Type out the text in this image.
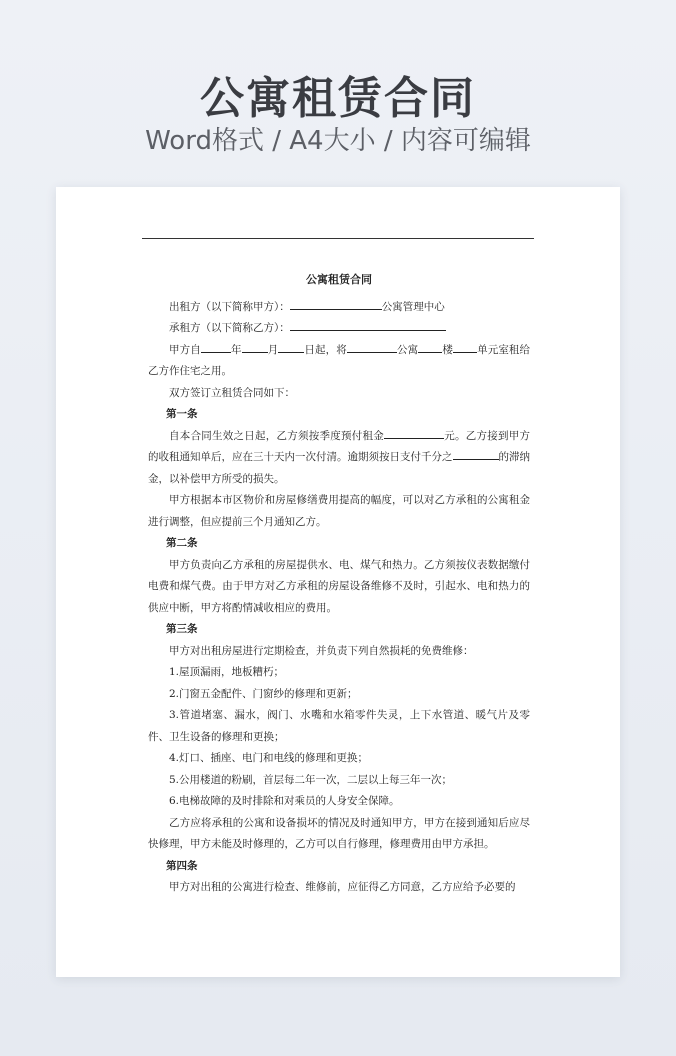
公寓租赁合同
Word格式 / A4大小 / 内容可编辑
公寓租赁合同

出租方（以下简称甲方）：	公寓管理中心

承租方（以下简称乙方）：

甲方自	年 月 日起，将	公寓 楼 单元室租给乙方作住宅之用。

双方签订立租赁合同如下：

第一条

自本合同生效之日起，乙方须按季度预付租金	元。乙方接到甲方的收租通知单后，应在三十天内一次付清。逾期须按日支付千分之	的滞纳金，以补偿甲方所受的损失。

甲方根据本市区物价和房屋修缮费用提高的幅度，可以对乙方承租的公寓租金进行调整，但应提前三个月通知乙方。

第二条

甲方负责向乙方承租的房屋提供水、电、煤气和热力。乙方须按仪表数据缴付电费和煤气费。由于甲方对乙方承租的房屋设备维修不及时，引起水、电和热力的供应中断，甲方将酌情减收相应的费用。

第三条

甲方对出租房屋进行定期检查，并负责下列自然损耗的免费维修：

1.屋顶漏雨，地板糟朽；

2.门窗五金配件、门窗纱的修理和更新；

3.管道堵塞、漏水，阀门、水嘴和水箱零件失灵，上下水管道、暖气片及零件、卫生设备的修理和更换；

4.灯口、插座、电门和电线的修理和更换；

5.公用楼道的粉刷，首层每二年一次，二层以上每三年一次；

6.电梯故障的及时排除和对乘员的人身安全保障。

乙方应将承租的公寓和设备损坏的情况及时通知甲方，甲方在接到通知后应尽快修理，甲方未能及时修理的，乙方可以自行修理，修理费用由甲方承担。

第四条

甲方对出租的公寓进行检查、维修前，应征得乙方同意，乙方应给予必要的
